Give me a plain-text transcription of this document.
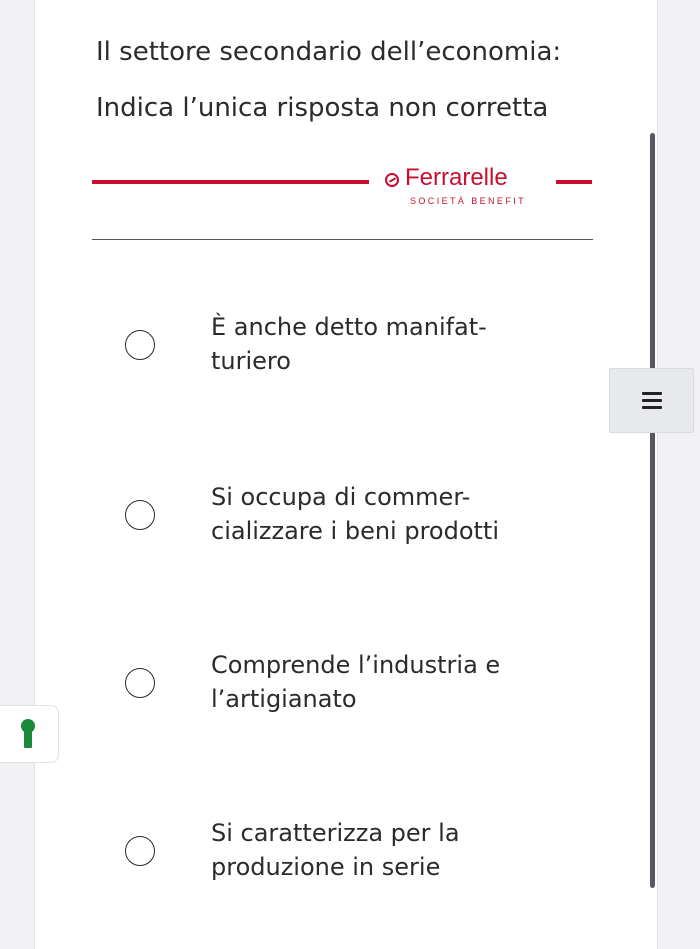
Il settore secondario dell’economia:

Indica l’unica risposta non corretta

Ferrarelle
SOCIETÀ BENEFIT
È anche detto manifat-
turiero
Si occupa di commer-
cializzare i beni prodotti
Comprende l’industria e
l’artigianato
Si caratterizza per la
produzione in serie
